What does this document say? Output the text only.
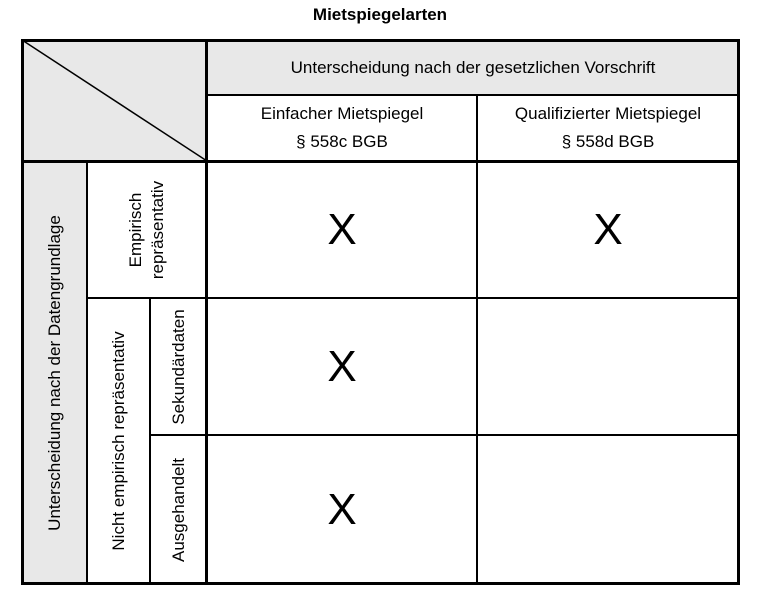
Mietspiegelarten
Unterscheidung nach der Datengrundlage
Unterscheidung nach der gesetzlichen Vorschrift
Einfacher Mietspiegel
§ 558c BGB
Qualifizierter Mietspiegel
§ 558d BGB
Empirisch repräsentativ
Nicht empirisch repräsentativ Sekundärdaten
Ausgehandelt
X	X
X
X
